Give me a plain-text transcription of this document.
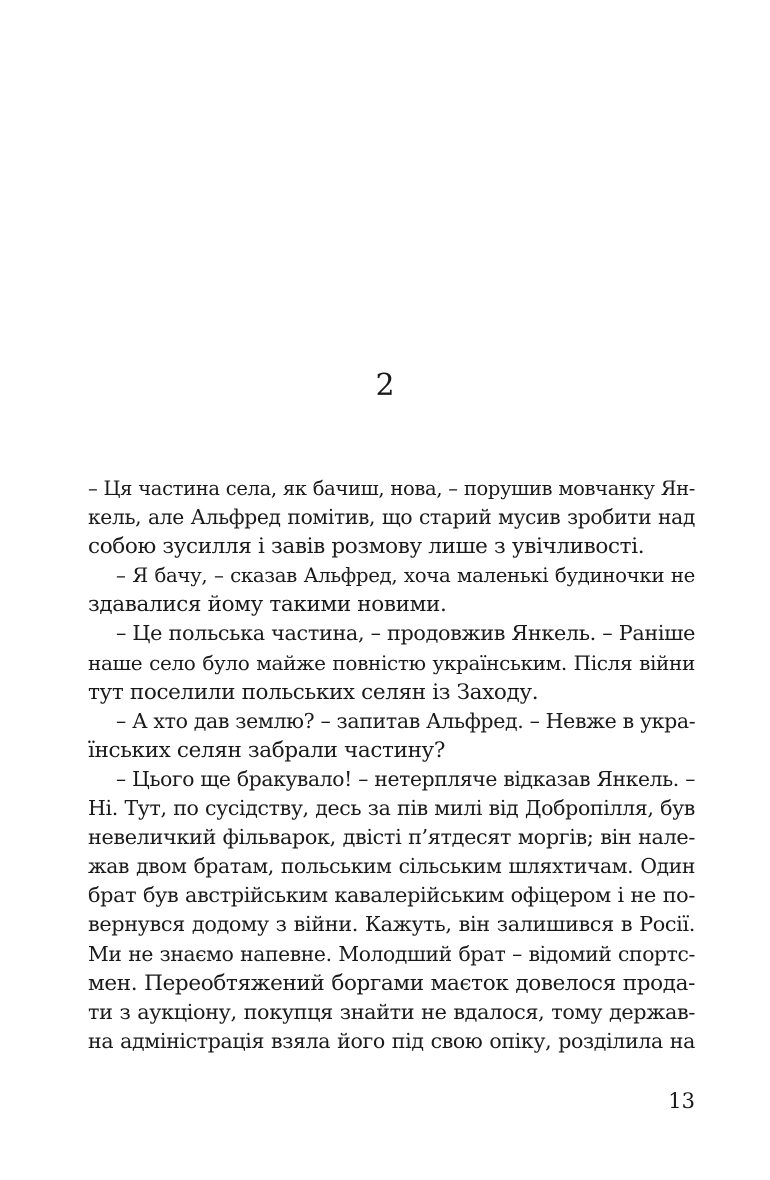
2
– Ця частина села, як бачиш, нова, – порушив мовчанку Ян-
кель, але Альфред помітив, що старий мусив зробити над
собою зусилля і завів розмову лише з увічливості.
– Я бачу, – сказав Альфред, хоча маленькі будиночки не
здавалися йому такими новими.
– Це польська частина, – продовжив Янкель. – Раніше
наше село було майже повністю українським. Після війни
тут поселили польських селян із Заходу.
– А хто дав землю? – запитав Альфред. – Невже в укра-
їнських селян забрали частину?
– Цього ще бракувало! – нетерпляче відказав Янкель. –
Ні. Тут, по сусідству, десь за пів милі від Добропілля, був
невеличкий фільварок, двісті п’ятдесят моргів; він нале-
жав двом братам, польським сільським шляхтичам. Один
брат був австрійським кавалерійським офіцером і не по-
вернувся додому з війни. Кажуть, він залишився в Росії.
Ми не знаємо напевне. Молодший брат – відомий спортс-
мен. Переобтяжений боргами маєток довелося прода-
ти з аукціону, покупця знайти не вдалося, тому держав-
на адміністрація взяла його під свою опіку, розділила на
13
